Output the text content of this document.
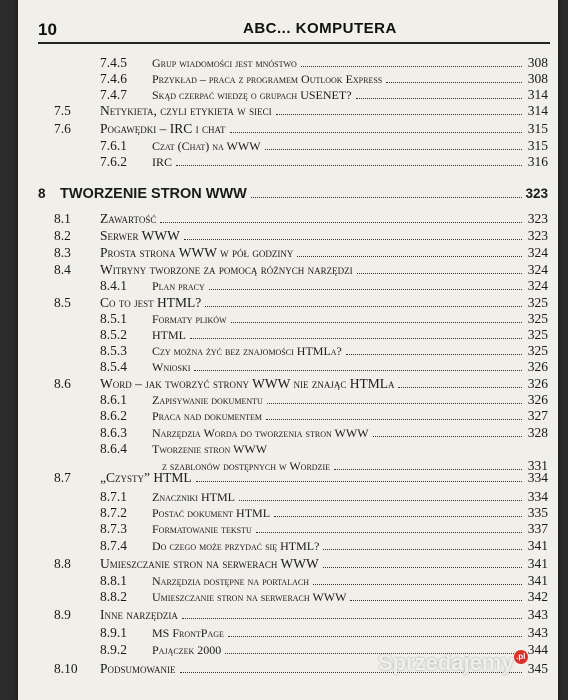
10	ABC... KOMPUTERA
7.4.5	Grup wiadomości jest mnóstwo	308
7.4.6	Przykład – praca z programem Outlook Express	308
7.4.7	Skąd czerpać wiedzę o grupach USENET?	314
7.5	Netykieta, czyli etykieta w sieci	314
7.6	Pogawędki – IRC i chat	315
7.6.1	Czat (Chat) na WWW	315
7.6.2	IRC	316
8 TWORZENIE STRON WWW	323
8.1	Zawartość	323
8.2	Serwer WWW	323
8.3	Prosta strona WWW w pół godziny	324
8.4	Witryny tworzone za pomocą różnych narzędzi	324
8.4.1	Plan pracy	324
8.5	Co to jest HTML?	325
8.5.1	Formaty plików	325
8.5.2	HTML	325
8.5.3	Czy można żyć bez znajomości HTMLa?	325
8.5.4	Wnioski	326
8.6	Word – jak tworzyć strony WWW nie znając HTMLa	326
8.6.1	Zapisywanie dokumentu	326
8.6.2	Praca nad dokumentem	327
8.6.3	Narzędzia Worda do tworzenia stron WWW	328
8.6.4	Tworzenie stron WWW
z szablonów dostępnych w Wordzie	331
8.7	„Czysty” HTML	334
8.7.1	Znaczniki HTML	334
8.7.2	Postać dokument HTML	335
8.7.3	Formatowanie tekstu	337
8.7.4	Do czego może przydać się HTML?	341
8.8	Umieszczanie stron na serwerach WWW	341
8.8.1	Narzędzia dostępne na portalach	341
8.8.2	Umieszczanie stron na serwerach WWW	342
8.9	Inne narzędzia	343
8.9.1	MS FrontPage	343
8.9.2	Pajączek 2000	344
8.10	Podsumowanie	345
Sprzedajemy .pl
